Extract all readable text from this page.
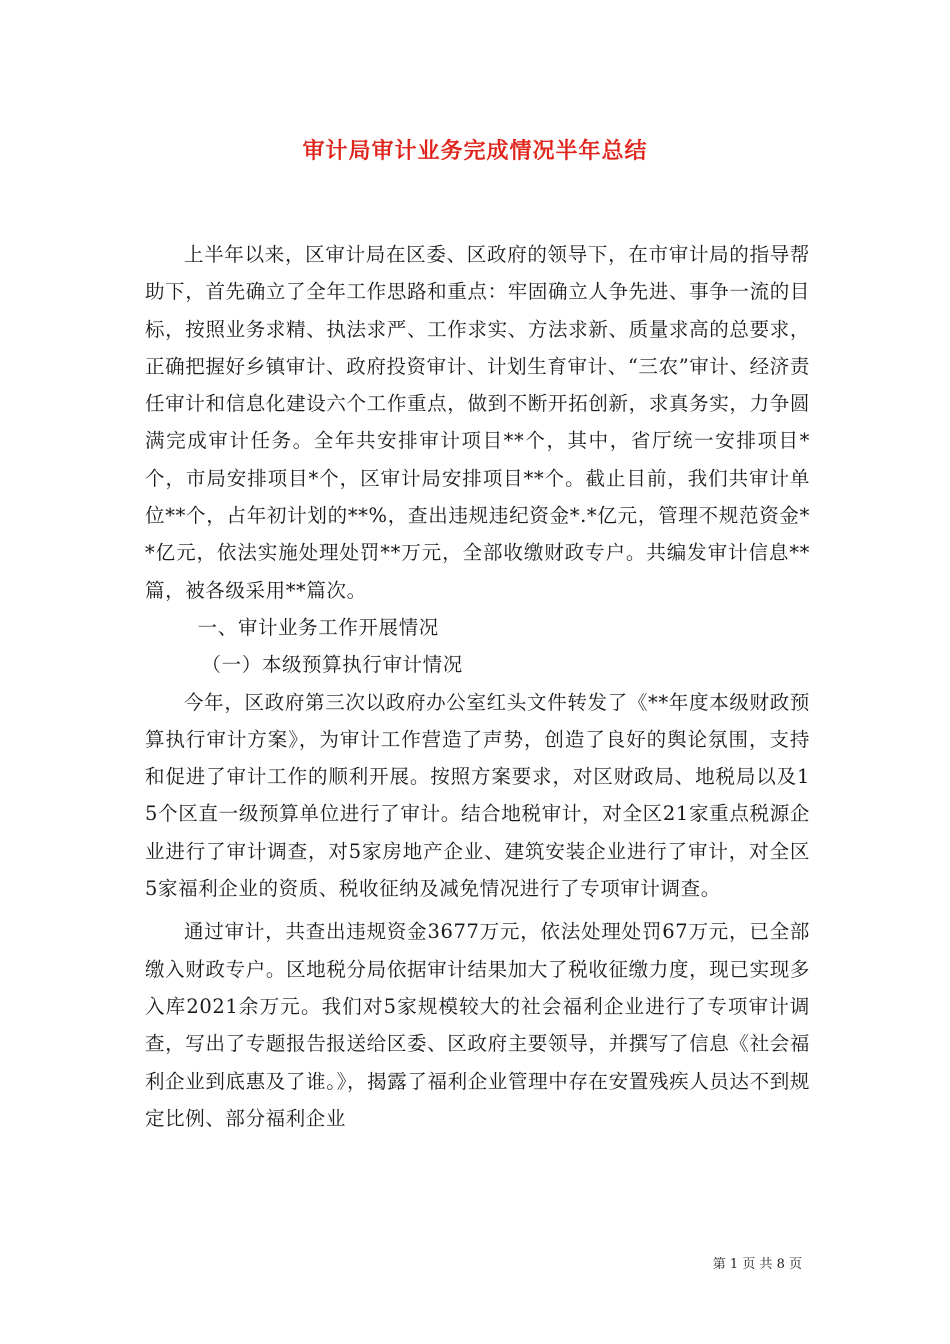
审计局审计业务完成情况半年总结

上半年以来，区审计局在区委、区政府的领导下，在市审计局的指导帮助下，首先确立了全年工作思路和重点：牢固确立人争先进、事争一流的目标，按照业务求精、执法求严、工作求实、方法求新、质量求高的总要求，正确把握好乡镇审计、政府投资审计、计划生育审计、“三农”审计、经济责任审计和信息化建设六个工作重点，做到不断开拓创新，求真务实，力争圆满完成审计任务。全年共安排审计项目**个，其中，省厅统一安排项目*个，市局安排项目*个，区审计局安排项目**个。截止目前，我们共审计单位**个，占年初计划的**%，查出违规违纪资金*.*亿元，管理不规范资金**亿元，依法实施处理处罚**万元，全部收缴财政专户。共编发审计信息**篇，被各级采用**篇次。

一、审计业务工作开展情况

（一）本级预算执行审计情况

今年，区政府第三次以政府办公室红头文件转发了《**年度本级财政预算执行审计方案》，为审计工作营造了声势，创造了良好的舆论氛围，支持和促进了审计工作的顺利开展。按照方案要求，对区财政局、地税局以及15个区直一级预算单位进行了审计。结合地税审计，对全区21家重点税源企业进行了审计调查，对5家房地产企业、建筑安装企业进行了审计，对全区5家福利企业的资质、税收征纳及减免情况进行了专项审计调查。

通过审计，共查出违规资金3677万元，依法处理处罚67万元，已全部缴入财政专户。区地税分局依据审计结果加大了税收征缴力度，现已实现多入库2021余万元。我们对5家规模较大的社会福利企业进行了专项审计调查，写出了专题报告报送给区委、区政府主要领导，并撰写了信息《社会福利企业到底惠及了谁。》，揭露了福利企业管理中存在安置残疾人员达不到规定比例、部分福利企业

第 1 页 共 8 页
